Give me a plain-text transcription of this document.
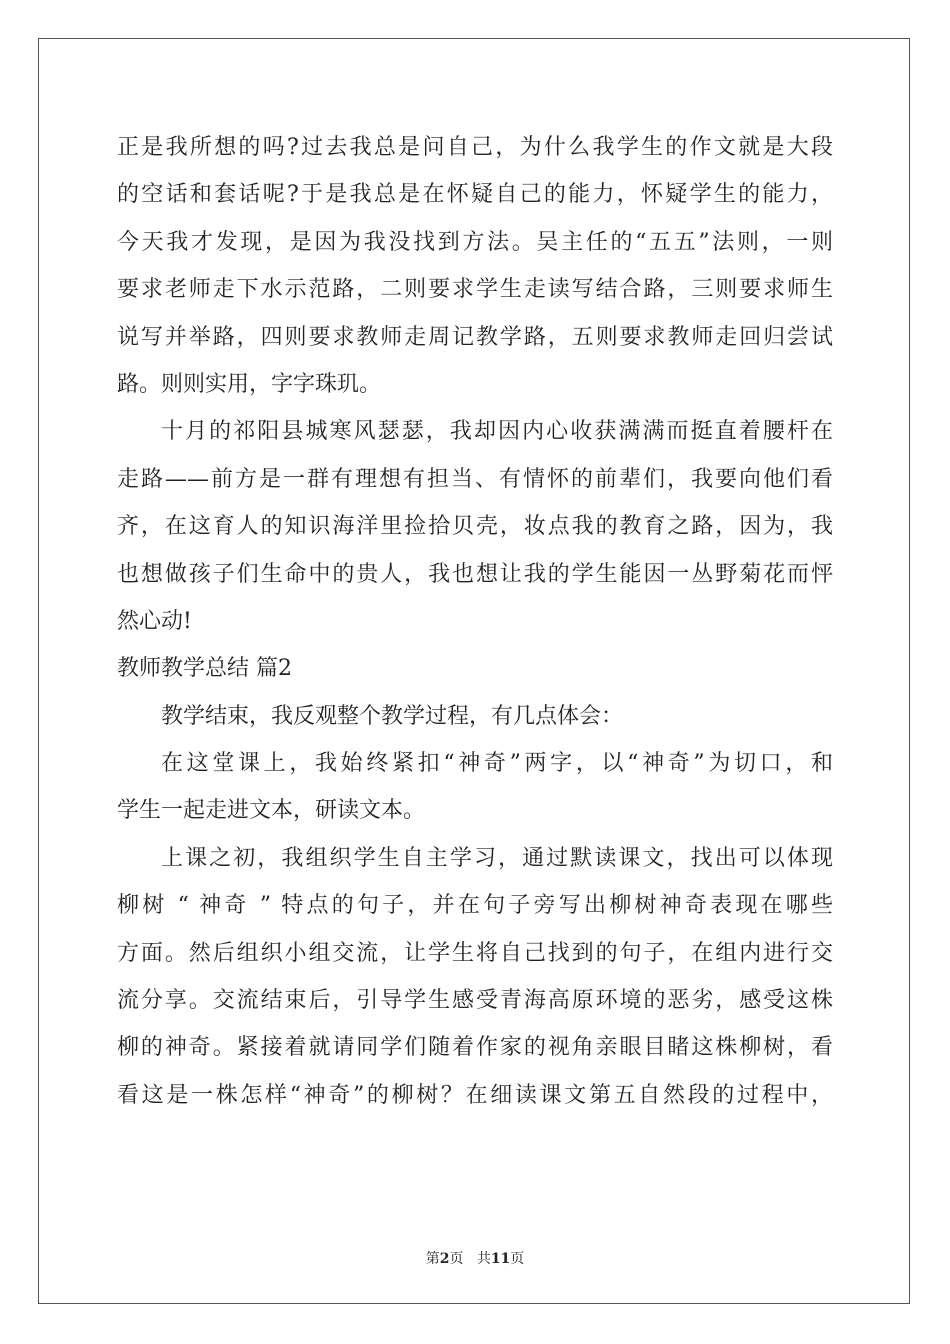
正是我所想的吗?过去我总是问自己，为什么我学生的作文就是大段
的空话和套话呢?于是我总是在怀疑自己的能力，怀疑学生的能力，
今天我才发现，是因为我没找到方法。吴主任的“五五”法则，一则
要求老师走下水示范路，二则要求学生走读写结合路，三则要求师生
说写并举路，四则要求教师走周记教学路，五则要求教师走回归尝试
路。则则实用，字字珠玑。
十月的祁阳县城寒风瑟瑟，我却因内心收获满满而挺直着腰杆在
走路——前方是一群有理想有担当、有情怀的前辈们，我要向他们看
齐，在这育人的知识海洋里捡拾贝壳，妆点我的教育之路，因为，我
也想做孩子们生命中的贵人，我也想让我的学生能因一丛野菊花而怦
然心动!
教师教学总结 篇2
教学结束，我反观整个教学过程，有几点体会：
在这堂课上，我始终紧扣“神奇”两字，以“神奇”为切口，和
学生一起走进文本，研读文本。
上课之初，我组织学生自主学习，通过默读课文，找出可以体现
柳树 “ 神奇 ” 特点的句子，并在句子旁写出柳树神奇表现在哪些
方面。然后组织小组交流，让学生将自己找到的句子，在组内进行交
流分享。交流结束后，引导学生感受青海高原环境的恶劣，感受这株
柳的神奇。紧接着就请同学们随着作家的视角亲眼目睹这株柳树，看
看这是一株怎样“神奇”的柳树？在细读课文第五自然段的过程中，
第2页 共11页
